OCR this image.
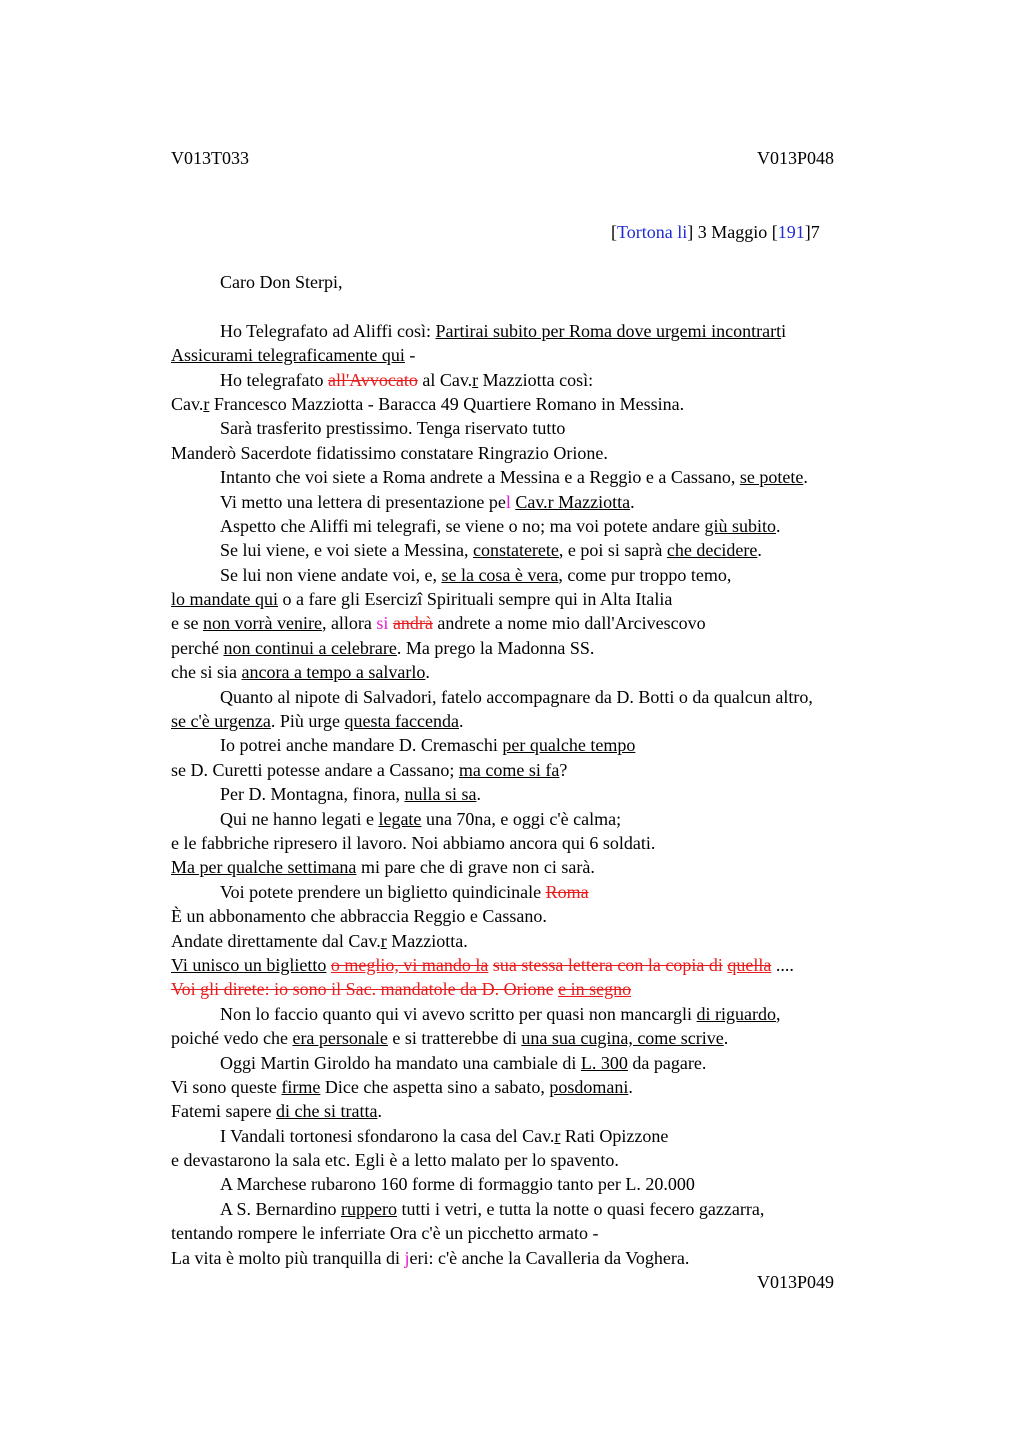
V013T033	V013P048
[Tortona li] 3 Maggio [191]7
Caro Don Sterpi,
Ho Telegrafato ad Aliffi così: Partirai subito per Roma dove urgemi incontrarti
Assicurami telegraficamente qui -
Ho telegrafato all'Avvocato al Cav.r Mazziotta così:
Cav.r Francesco Mazziotta - Baracca 49 Quartiere Romano in Messina.
Sarà trasferito prestissimo. Tenga riservato tutto
Manderò Sacerdote fidatissimo constatare Ringrazio Orione.
Intanto che voi siete a Roma andrete a Messina e a Reggio e a Cassano, se potete.
Vi metto una lettera di presentazione pel Cav.r Mazziotta.
Aspetto che Aliffi mi telegrafi, se viene o no; ma voi potete andare giù subito.
Se lui viene, e voi siete a Messina, constaterete, e poi si saprà che decidere.
Se lui non viene andate voi, e, se la cosa è vera, come pur troppo temo,
lo mandate qui o a fare gli Esercizî Spirituali sempre qui in Alta Italia
e se non vorrà venire, allora si andrà andrete a nome mio dall'Arcivescovo
perché non continui a celebrare. Ma prego la Madonna SS.
che si sia ancora a tempo a salvarlo.
Quanto al nipote di Salvadori, fatelo accompagnare da D. Botti o da qualcun altro,
se c'è urgenza. Più urge questa faccenda.
Io potrei anche mandare D. Cremaschi per qualche tempo
se D. Curetti potesse andare a Cassano; ma come si fa?
Per D. Montagna, finora, nulla si sa.
Qui ne hanno legati e legate una 70na, e oggi c'è calma;
e le fabbriche ripresero il lavoro. Noi abbiamo ancora qui 6 soldati.
Ma per qualche settimana mi pare che di grave non ci sarà.
Voi potete prendere un biglietto quindicinale Roma
È un abbonamento che abbraccia Reggio e Cassano.
Andate direttamente dal Cav.r Mazziotta.
Vi unisco un biglietto o meglio, vi mando la sua stessa lettera con la copia di quella ....
Voi gli direte: io sono il Sac. mandatole da D. Orione e in segno
Non lo faccio quanto qui vi avevo scritto per quasi non mancargli di riguardo,
poiché vedo che era personale e si tratterebbe di una sua cugina, come scrive.
Oggi Martin Giroldo ha mandato una cambiale di L. 300 da pagare.
Vi sono queste firme Dice che aspetta sino a sabato, posdomani.
Fatemi sapere di che si tratta.
I Vandali tortonesi sfondarono la casa del Cav.r Rati Opizzone
e devastarono la sala etc. Egli è a letto malato per lo spavento.
A Marchese rubarono 160 forme di formaggio tanto per L. 20.000
A S. Bernardino ruppero tutti i vetri, e tutta la notte o quasi fecero gazzarra,
tentando rompere le inferriate Ora c'è un picchetto armato -
La vita è molto più tranquilla di jeri: c'è anche la Cavalleria da Voghera.
V013P049
